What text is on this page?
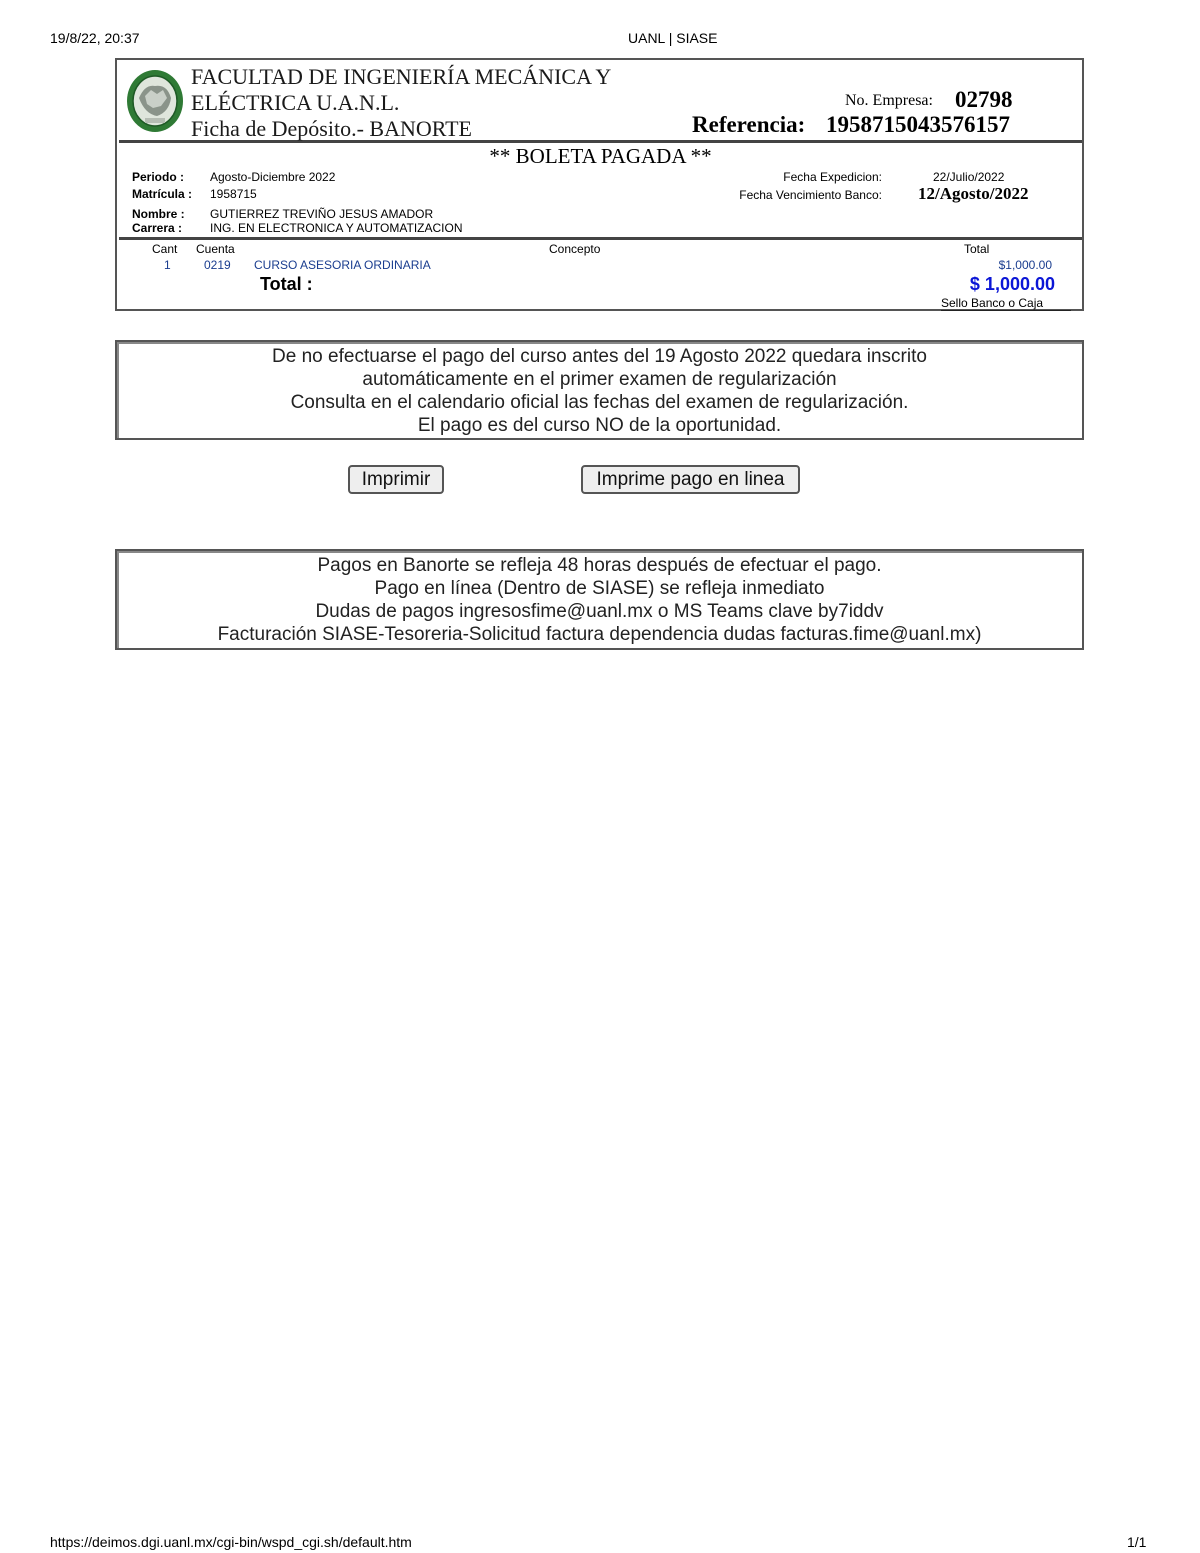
19/8/22, 20:37	UANL | SIASE
FACULTAD DE INGENIERÍA MECÁNICA Y
ELÉCTRICA U.A.N.L.
Ficha de Depósito.- BANORTE
No. Empresa: 02798
Referencia: 1958715043576157
** BOLETA PAGADA **
Periodo : Agosto-Diciembre 2022
Matrícula : 1958715
Nombre : GUTIERREZ TREVIÑO JESUS AMADOR
Carrera : ING. EN ELECTRONICA Y AUTOMATIZACION
Fecha Expedicion:	22/Julio/2022
Fecha Vencimiento Banco: 12/Agosto/2022
Cant Cuenta	Concepto	Total
1	0219 CURSO ASESORIA ORDINARIA	$1,000.00
Total :	$ 1,000.00
Sello Banco o Caja
De no efectuarse el pago del curso antes del 19 Agosto 2022 quedara inscrito
automáticamente en el primer examen de regularización
Consulta en el calendario oficial las fechas del examen de regularización.
El pago es del curso NO de la oportunidad.
Imprimir	Imprime pago en linea
Pagos en Banorte se refleja 48 horas después de efectuar el pago.
Pago en línea (Dentro de SIASE) se refleja inmediato
Dudas de pagos ingresosfime@uanl.mx o MS Teams clave by7iddv
Facturación SIASE-Tesoreria-Solicitud factura dependencia dudas facturas.fime@uanl.mx)
https://deimos.dgi.uanl.mx/cgi-bin/wspd_cgi.sh/default.htm	1/1
